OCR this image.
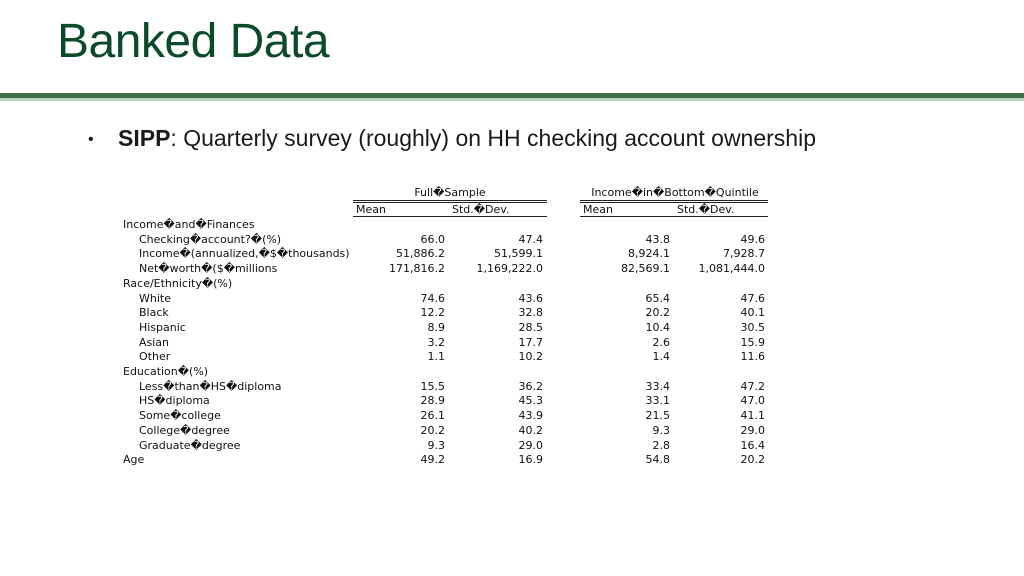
Banked Data
• SIPP: Quarterly survey (roughly) on HH checking account ownership
Full�Sample	Income�in�Bottom�Quintile
Mean	Std.�Dev.	Mean	Std.�Dev.
Income�and�Finances
Checking�account?�(%)	66.0	47.4	43.8	49.6
Income�(annualized,�$�thousands)	51,886.2	51,599.1	8,924.1	7,928.7
Net�worth�($�millions	171,816.2	1,169,222.0	82,569.1	1,081,444.0
Race/Ethnicity�(%)
White	74.6	43.6	65.4	47.6
Black	12.2	32.8	20.2	40.1
Hispanic	8.9	28.5	10.4	30.5
Asian	3.2	17.7	2.6	15.9
Other	1.1	10.2	1.4	11.6
Education�(%)
Less�than�HS�diploma	15.5	36.2	33.4	47.2
HS�diploma	28.9	45.3	33.1	47.0
Some�college	26.1	43.9	21.5	41.1
College�degree	20.2	40.2	9.3	29.0
Graduate�degree	9.3	29.0	2.8	16.4
Age	49.2	16.9	54.8	20.2
